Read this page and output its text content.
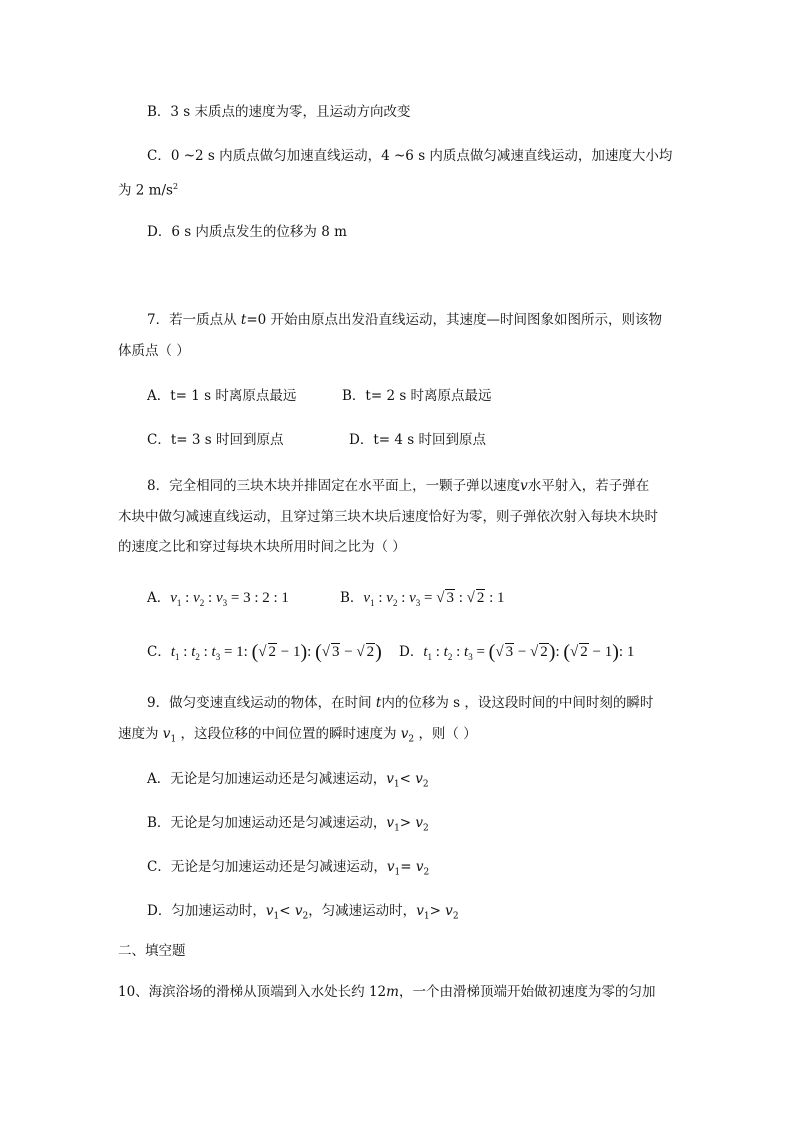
B．3 s 末质点的速度为零，且运动方向改变
C．0 ~2 s 内质点做匀加速直线运动，4 ~6 s 内质点做匀减速直线运动，加速度大小均
为 2 $m/s^2$
D．6 s 内质点发生的位移为 8 m
7．若一质点从 t=0 开始由原点出发沿直线运动，其速度—时间图象如图所示，则该物
体质点（ ）
A．t= 1 s 时离原点最远	B．t= 2 s 时离原点最远
C．t= 3 s 时回到原点	D．t= 4 s 时回到原点
8．完全相同的三块木块并排固定在水平面上，一颗子弹以速度v水平射入，若子弹在
木块中做匀减速直线运动，且穿过第三块木块后速度恰好为零，则子弹依次射入每块木块时
的速度之比和穿过每块木块所用时间之比为（ ）
A．$v_1$ : $v_2$ : $v_3 = 3$ : 2 : 1	B．$v_1$ : $v_2$ : $v_3$ = √ 3 : √ 2 : 1
C．$t_1$ : $t_2$ : $t_3 = 1$: (√ 2 − 1): (√ 3 − √ 2) D．$t_1$ : $t_2$ : $t_3$ = (√ 3 − √ 2): (√ 2 − 1): 1
9．做匀变速直线运动的物体，在时间 t内的位移为 s ，设这段时间的中间时刻的瞬时
速度为 $v_1$ ，这段位移的中间位置的瞬时速度为 $v_2$ ，则（ ）
A．无论是匀加速运动还是匀减速运动，$v_1< v_2$
B．无论是匀加速运动还是匀减速运动，$v_1> v_2$
C．无论是匀加速运动还是匀减速运动，$v_1= v_2$
D．匀加速运动时，$v_1< v_2$，匀减速运动时，$v_1> v_2$
二、填空题
10、海滨浴场的滑梯从顶端到入水处长约 12m，一个由滑梯顶端开始做初速度为零的匀加
